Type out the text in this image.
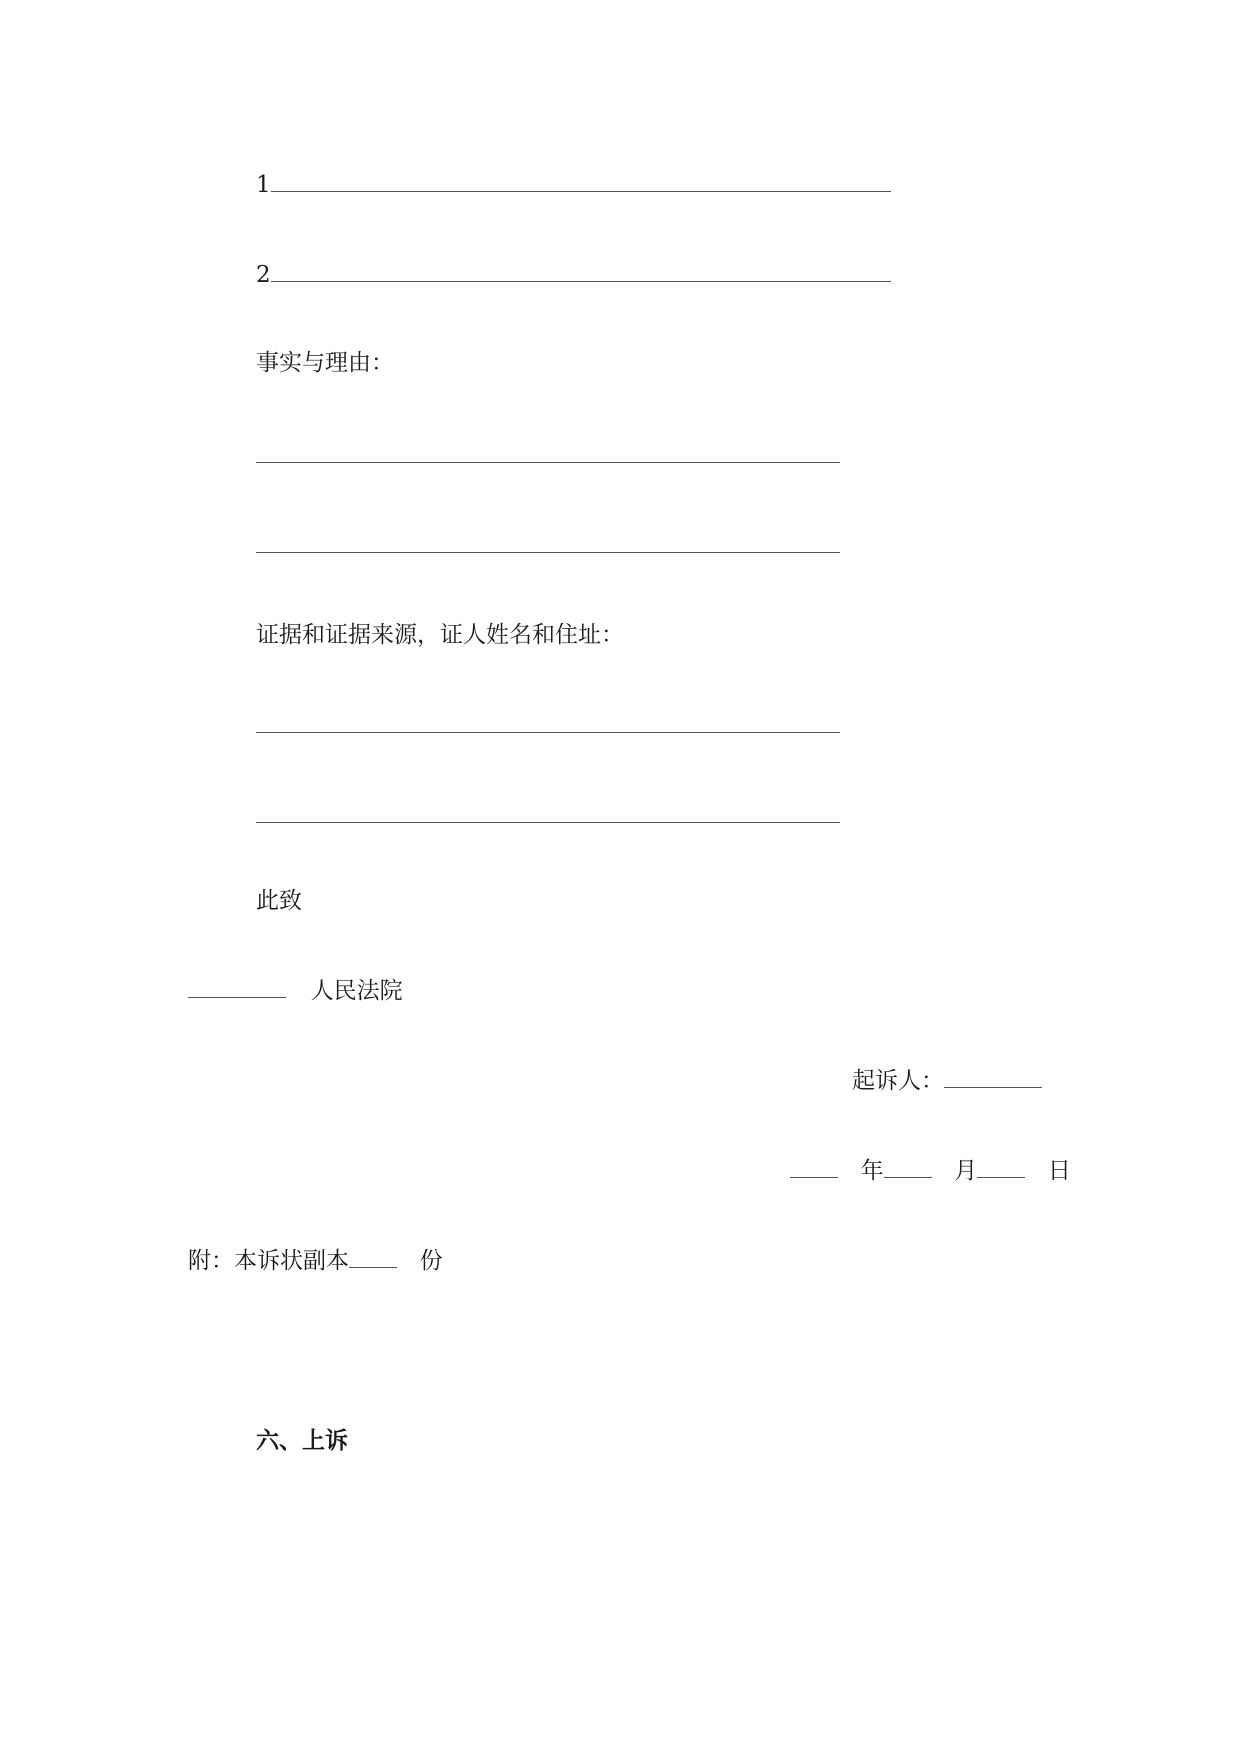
1
2
事实与理由：
证据和证据来源，证人姓名和住址：
此致
人民法院
起诉人：
年	月	日
附：本诉状副本	份
六、上诉
